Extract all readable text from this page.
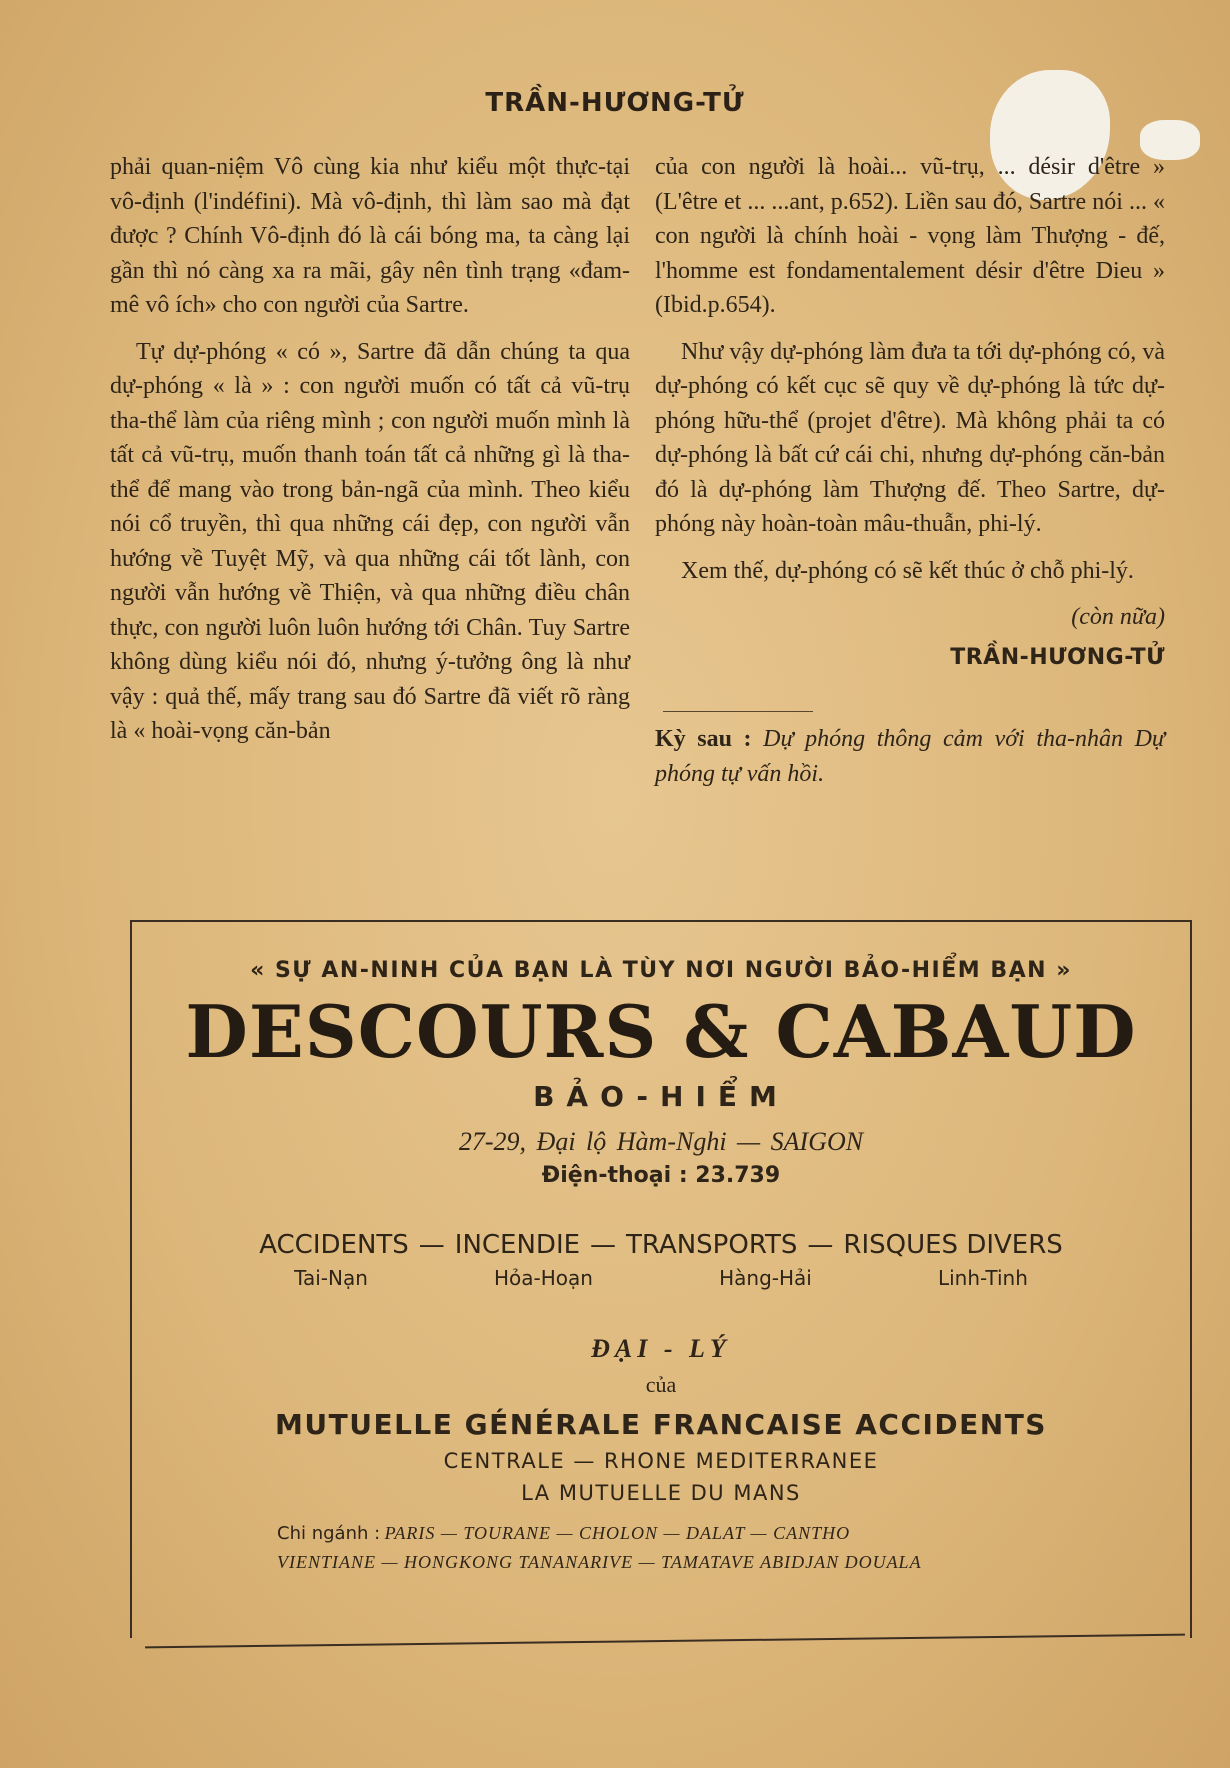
TRẦN-HƯƠNG-TỬ

phải quan-niệm Vô cùng kia như kiểu một thực-tại vô-định (l'indéfini). Mà vô-định, thì làm sao mà đạt được ? Chính Vô-định đó là cái bóng ma, ta càng lại gần thì nó càng xa ra mãi, gây nên tình trạng «đam-mê vô ích» cho con người của Sartre.

Tự dự-phóng « có », Sartre đã dẫn chúng ta qua dự-phóng « là » : con người muốn có tất cả vũ-trụ tha-thể làm của riêng mình ; con người muốn mình là tất cả vũ-trụ, muốn thanh toán tất cả những gì là tha-thể để mang vào trong bản-ngã của mình. Theo kiểu nói cổ truyền, thì qua những cái đẹp, con người vẫn hướng về Tuyệt Mỹ, và qua những cái tốt lành, con người vẫn hướng về Thiện, và qua những điều chân thực, con người luôn luôn hướng tới Chân. Tuy Sartre không dùng kiểu nói đó, nhưng ý-tưởng ông là như vậy : quả thế, mấy trang sau đó Sartre đã viết rõ ràng là « hoài-vọng căn-bản

của con người là hoài... vũ-trụ, ... désir d'être » (L'être et ... ...ant, p.652). Liền sau đó, Sartre nói ... « con người là chính hoài - vọng làm Thượng - đế, l'homme est fondamentalement désir d'être Dieu » (Ibid.p.654).

Như vậy dự-phóng làm đưa ta tới dự-phóng có, và dự-phóng có kết cục sẽ quy về dự-phóng là tức dự-phóng hữu-thể (projet d'être). Mà không phải ta có dự-phóng là bất cứ cái chi, nhưng dự-phóng căn-bản đó là dự-phóng làm Thượng đế. Theo Sartre, dự-phóng này hoàn-toàn mâu-thuẫn, phi-lý.

Xem thế, dự-phóng có sẽ kết thúc ở chỗ phi-lý.

(còn nữa)
TRẦN-HƯƠNG-TỬ
Kỳ sau : Dự phóng thông cảm với tha-nhân Dự phóng tự vấn hồi.
« SỰ AN-NINH CỦA BẠN LÀ TÙY NƠI NGƯỜI BẢO-HIỂM BẠN »
DESCOURS & CABAUD
BẢO-HIỂM
27-29, Đại lộ Hàm-Nghi — SAIGON
Điện-thoại : 23.739
ACCIDENTS — INCENDIE — TRANSPORTS — RISQUES DIVERS
Tai-Nạn	Hỏa-Hoạn	Hàng-Hải	Linh-Tinh
ĐẠI - LÝ
của
MUTUELLE GÉNÉRALE FRANCAISE ACCIDENTS
CENTRALE — RHONE MEDITERRANEE
LA MUTUELLE DU MANS
Chi ngánh : PARIS — TOURANE — CHOLON — DALAT — CANTHO
VIENTIANE — HONGKONG TANANARIVE — TAMATAVE ABIDJAN DOUALA
